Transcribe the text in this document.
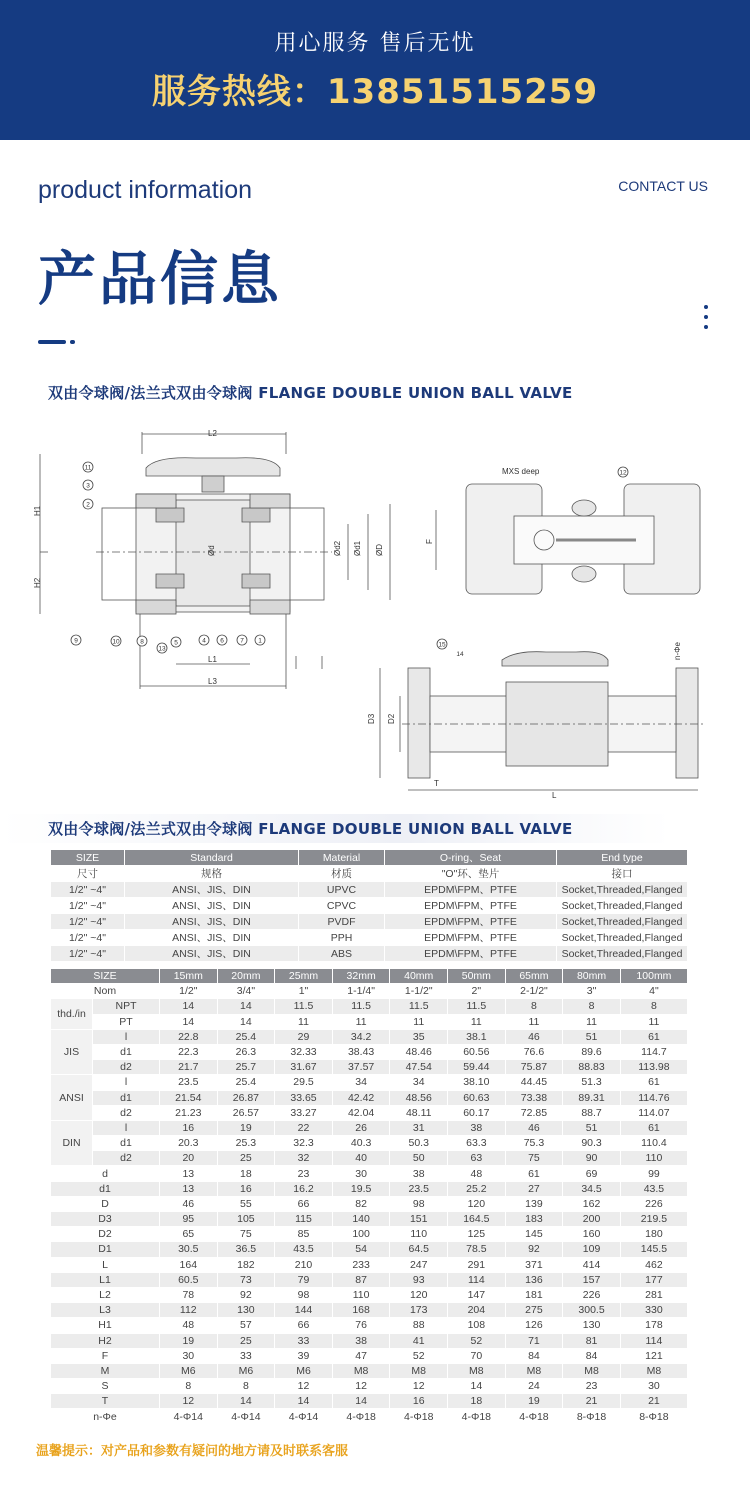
用心服务 售后无忧
服务热线：13851515259
product information	CONTACT US
产品信息
双由令球阀/法兰式双由令球阀 FLANGE DOUBLE UNION BALL VALVE
L2
H1
H2
Ød2 Ød1 ØD
Ød
L1
L3
11
3
2
9	10	8
13
5	4 6	7 1
12
15
14
MXS deep
F
D3 D2
T
L
n-Φe
双由令球阀/法兰式双由令球阀 FLANGE DOUBLE UNION BALL VALVE
SIZE	Standard	Material	O-ring、Seat	End type
尺寸	规格	材质	"O"环、垫片	接口
1/2" ~4"	ANSI、JIS、DIN	UPVC	EPDM\FPM、PTFE	Socket,Threaded,Flanged
1/2" ~4"	ANSI、JIS、DIN	CPVC	EPDM\FPM、PTFE	Socket,Threaded,Flanged
1/2" ~4"	ANSI、JIS、DIN	PVDF	EPDM\FPM、PTFE	Socket,Threaded,Flanged
1/2" ~4"	ANSI、JIS、DIN	PPH	EPDM\FPM、PTFE	Socket,Threaded,Flanged
1/2" ~4"	ANSI、JIS、DIN	ABS	EPDM\FPM、PTFE	Socket,Threaded,Flanged
SIZE		15mm	20mm	25mm	32mm	40mm	50mm	65mm	80mm	100mm
Nom		1/2"	3/4"	1"	1-1/4"	1-1/2"	2"	2-1/2"	3"	4"
thd./in	NPT	14	14	11.5	11.5	11.5	11.5	8	8	8
	PT	14	14	11	11	11	11	11	11	11
JIS	l	22.8	25.4	29	34.2	35	38.1	46	51	61
	d1	22.3	26.3	32.33	38.43	48.46	60.56	76.6	89.6	114.7
	d2	21.7	25.7	31.67	37.57	47.54	59.44	75.87	88.83	113.98
ANSI	l	23.5	25.4	29.5	34	34	38.10	44.45	51.3	61
	d1	21.54	26.87	33.65	42.42	48.56	60.63	73.38	89.31	114.76
	d2	21.23	26.57	33.27	42.04	48.11	60.17	72.85	88.7	114.07
DIN	l	16	19	22	26	31	38	46	51	61
	d1	20.3	25.3	32.3	40.3	50.3	63.3	75.3	90.3	110.4
	d2	20	25	32	40	50	63	75	90	110
d		13	18	23	30	38	48	61	69	99
d1		13	16	16.2	19.5	23.5	25.2	27	34.5	43.5
D		46	55	66	82	98	120	139	162	226
D3		95	105	115	140	151	164.5	183	200	219.5
D2		65	75	85	100	110	125	145	160	180
D1		30.5	36.5	43.5	54	64.5	78.5	92	109	145.5
L		164	182	210	233	247	291	371	414	462
L1		60.5	73	79	87	93	114	136	157	177
L2		78	92	98	110	120	147	181	226	281
L3		112	130	144	168	173	204	275	300.5	330
H1		48	57	66	76	88	108	126	130	178
H2		19	25	33	38	41	52	71	81	114
F		30	33	39	47	52	70	84	84	121
M		M6	M6	M6	M8	M8	M8	M8	M8	M8
S		8	8	12	12	12	14	24	23	30
T		12	14	14	14	16	18	19	21	21
n-Φe		4-Φ14	4-Φ14	4-Φ14	4-Φ18	4-Φ18	4-Φ18	4-Φ18	8-Φ18	8-Φ18
温馨提示：对产品和参数有疑问的地方请及时联系客服
